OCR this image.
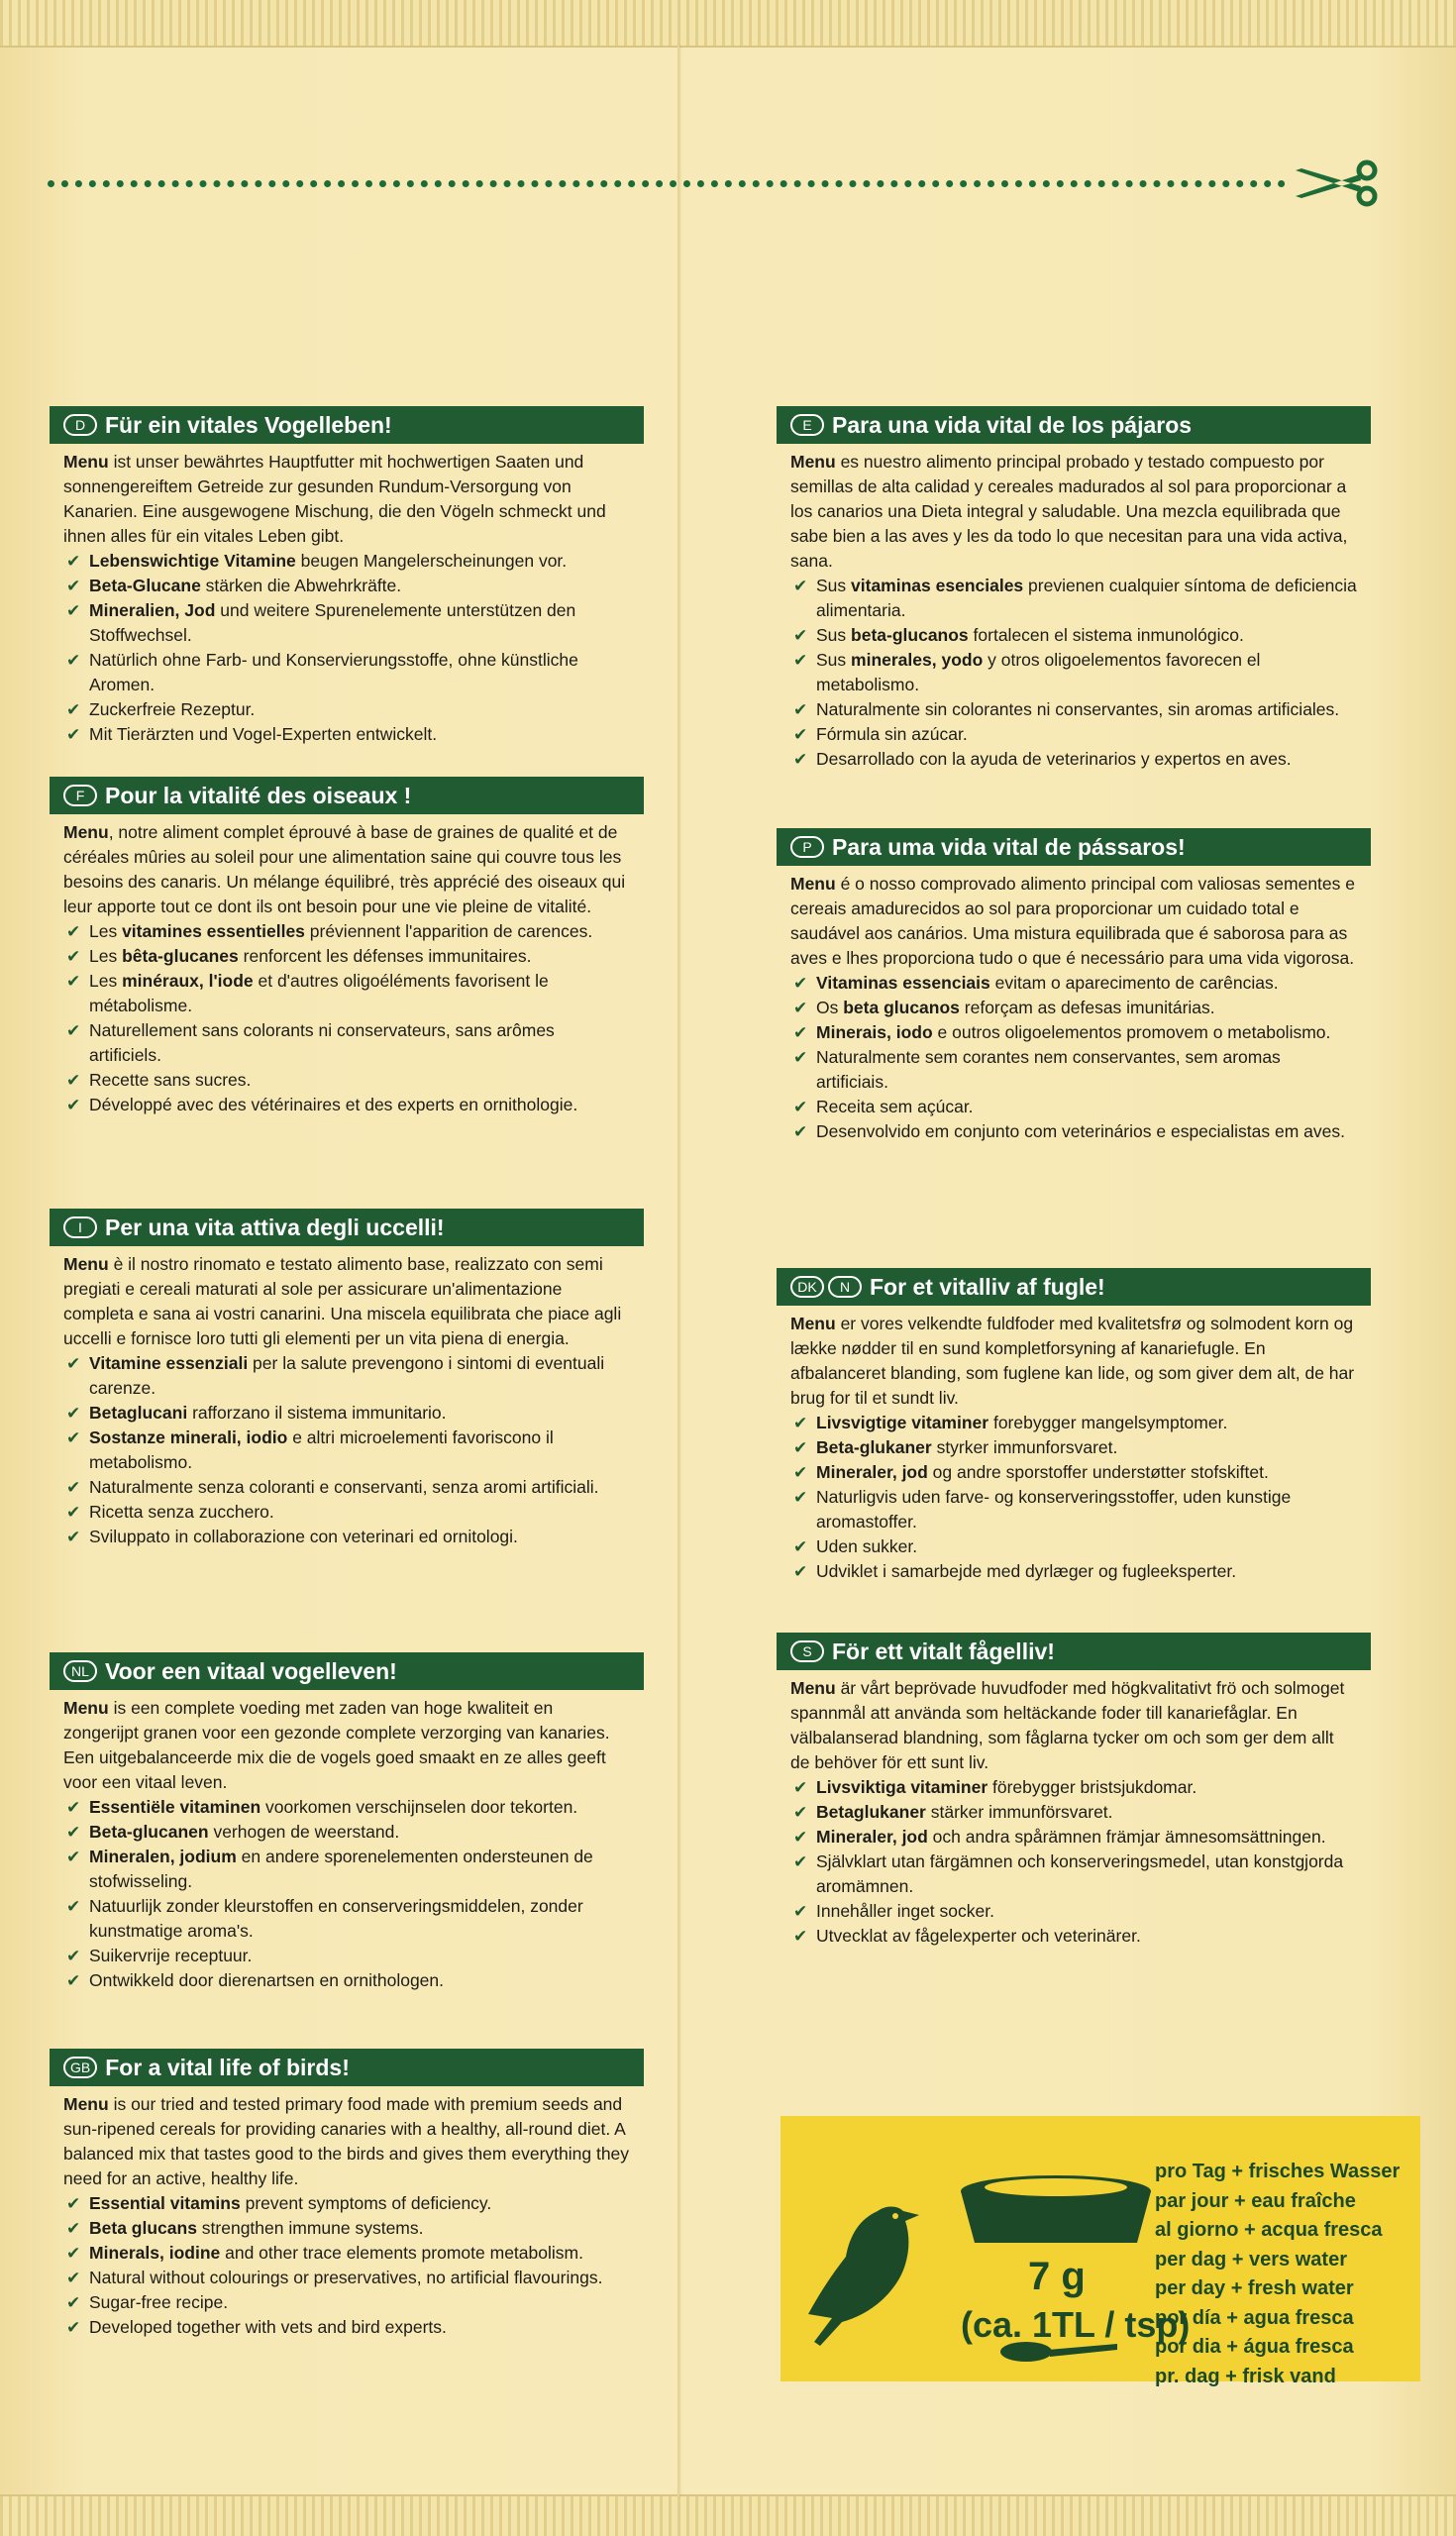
D Für ein vitales Vogelleben!

Menu ist unser bewährtes Hauptfutter mit hochwertigen Saaten und sonnengereiftem Getreide zur gesunden Rundum-Versorgung von Kanarien. Eine ausgewogene Mischung, die den Vögeln schmeckt und ihnen alles für ein vitales Leben gibt.

✔ Lebenswichtige Vitamine beugen Mangelerscheinungen vor.
✔ Beta-Glucane stärken die Abwehrkräfte.
✔ Mineralien, Jod und weitere Spurenelemente unterstützen den Stoffwechsel.
✔ Natürlich ohne Farb- und Konservierungsstoffe, ohne künstliche Aromen.
✔ Zuckerfreie Rezeptur.
✔ Mit Tierärzten und Vogel-Experten entwickelt.
F Pour la vitalité des oiseaux !

Menu, notre aliment complet éprouvé à base de graines de qualité et de céréales mûries au soleil pour une alimentation saine qui couvre tous les besoins des canaris. Un mélange équilibré, très apprécié des oiseaux qui leur apporte tout ce dont ils ont besoin pour une vie pleine de vitalité.

✔ Les vitamines essentielles préviennent l'apparition de carences.
✔ Les bêta-glucanes renforcent les défenses immunitaires.
✔ Les minéraux, l'iode et d'autres oligoéléments favorisent le métabolisme.
✔ Naturellement sans colorants ni conservateurs, sans arômes artificiels.
✔ Recette sans sucres.
✔ Développé avec des vétérinaires et des experts en ornithologie.
I	Per una vita attiva degli uccelli!

Menu è il nostro rinomato e testato alimento base, realizzato con semi pregiati e cereali maturati al sole per assicurare un'alimentazione completa e sana ai vostri canarini. Una miscela equilibrata che piace agli uccelli e fornisce loro tutti gli elementi per un vita piena di energia.

✔ Vitamine essenziali per la salute prevengono i sintomi di eventuali carenze.
✔ Betaglucani rafforzano il sistema immunitario.
✔ Sostanze minerali, iodio e altri microelementi favoriscono il metabolismo.
✔ Naturalmente senza coloranti e conservanti, senza aromi artificiali.
✔ Ricetta senza zucchero.
✔ Sviluppato in collaborazione con veterinari ed ornitologi.
NL Voor een vitaal vogelleven!

Menu is een complete voeding met zaden van hoge kwaliteit en zongerijpt granen voor een gezonde complete verzorging van kanaries. Een uitgebalanceerde mix die de vogels goed smaakt en ze alles geeft voor een vitaal leven.

✔ Essentiële vitaminen voorkomen verschijnselen door tekorten.
✔ Beta-glucanen verhogen de weerstand.
✔ Mineralen, jodium en andere sporenelementen ondersteunen de stofwisseling.
✔ Natuurlijk zonder kleurstoffen en conserveringsmiddelen, zonder kunstmatige aroma's.
✔ Suikervrije receptuur.
✔ Ontwikkeld door dierenartsen en ornithologen.
GB For a vital life of birds!

Menu is our tried and tested primary food made with premium seeds and sun-ripened cereals for providing canaries with a healthy, all-round diet. A balanced mix that tastes good to the birds and gives them everything they need for an active, healthy life.

✔ Essential vitamins prevent symptoms of deficiency.
✔ Beta glucans strengthen immune systems.
✔ Minerals, iodine and other trace elements promote metabolism.
✔ Natural without colourings or preservatives, no artificial flavourings.
✔ Sugar-free recipe.
✔ Developed together with vets and bird experts.
E Para una vida vital de los pájaros

Menu es nuestro alimento principal probado y testado compuesto por semillas de alta calidad y cereales madurados al sol para proporcionar a los canarios una Dieta integral y saludable. Una mezcla equilibrada que sabe bien a las aves y les da todo lo que necesitan para una vida activa, sana.

✔ Sus vitaminas esenciales previenen cualquier síntoma de deficiencia alimentaria.
✔ Sus beta-glucanos fortalecen el sistema inmunológico.
✔ Sus minerales, yodo y otros oligoelementos favorecen el metabolismo.
✔ Naturalmente sin colorantes ni conservantes, sin aromas artificiales.
✔ Fórmula sin azúcar.
✔ Desarrollado con la ayuda de veterinarios y expertos en aves.
P Para uma vida vital de pássaros!

Menu é o nosso comprovado alimento principal com valiosas sementes e cereais amadurecidos ao sol para proporcionar um cuidado total e saudável aos canários. Uma mistura equilibrada que é saborosa para as aves e lhes proporciona tudo o que é necessário para uma vida vigorosa.

✔ Vitaminas essenciais evitam o aparecimento de carências.
✔ Os beta glucanos reforçam as defesas imunitárias.
✔ Minerais, iodo e outros oligoelementos promovem o metabolismo.
✔ Naturalmente sem corantes nem conservantes, sem aromas artificiais.
✔ Receita sem açúcar.
✔ Desenvolvido em conjunto com veterinários e especialistas em aves.
DK	N For et vitalliv af fugle!

Menu er vores velkendte fuldfoder med kvalitetsfrø og solmodent korn og lække nødder til en sund kompletforsyning af kanariefugle. En afbalanceret blanding, som fuglene kan lide, og som giver dem alt, de har brug for til et sundt liv.

✔ Livsvigtige vitaminer forebygger mangelsymptomer.
✔ Beta-glukaner styrker immunforsvaret.
✔ Mineraler, jod og andre sporstoffer understøtter stofskiftet.
✔ Naturligvis uden farve- og konserveringsstoffer, uden kunstige aromastoffer.
✔ Uden sukker.
✔ Udviklet i samarbejde med dyrlæger og fugleeksperter.
S För ett vitalt fågelliv!

Menu är vårt beprövade huvudfoder med högkvalitativt frö och solmoget spannmål att använda som heltäckande foder till kanariefåglar. En välbalanserad blandning, som fåglarna tycker om och som ger dem allt de behöver för ett sunt liv.

✔ Livsviktiga vitaminer förebygger bristsjukdomar.
✔ Betaglukaner stärker immunförsvaret.
✔ Mineraler, jod och andra spårämnen främjar ämnesomsättningen.
✔ Självklart utan färgämnen och konserveringsmedel, utan konstgjorda aromämnen.
✔ Innehåller inget socker.
✔ Utvecklat av fågelexperter och veterinärer.
7 g
(ca. 1TL / tsp)
pro Tag + frisches Wasser
par jour + eau fraîche
al giorno + acqua fresca
per dag + vers water
per day + fresh water
por día + agua fresca
por dia + água fresca
pr. dag + frisk vand
